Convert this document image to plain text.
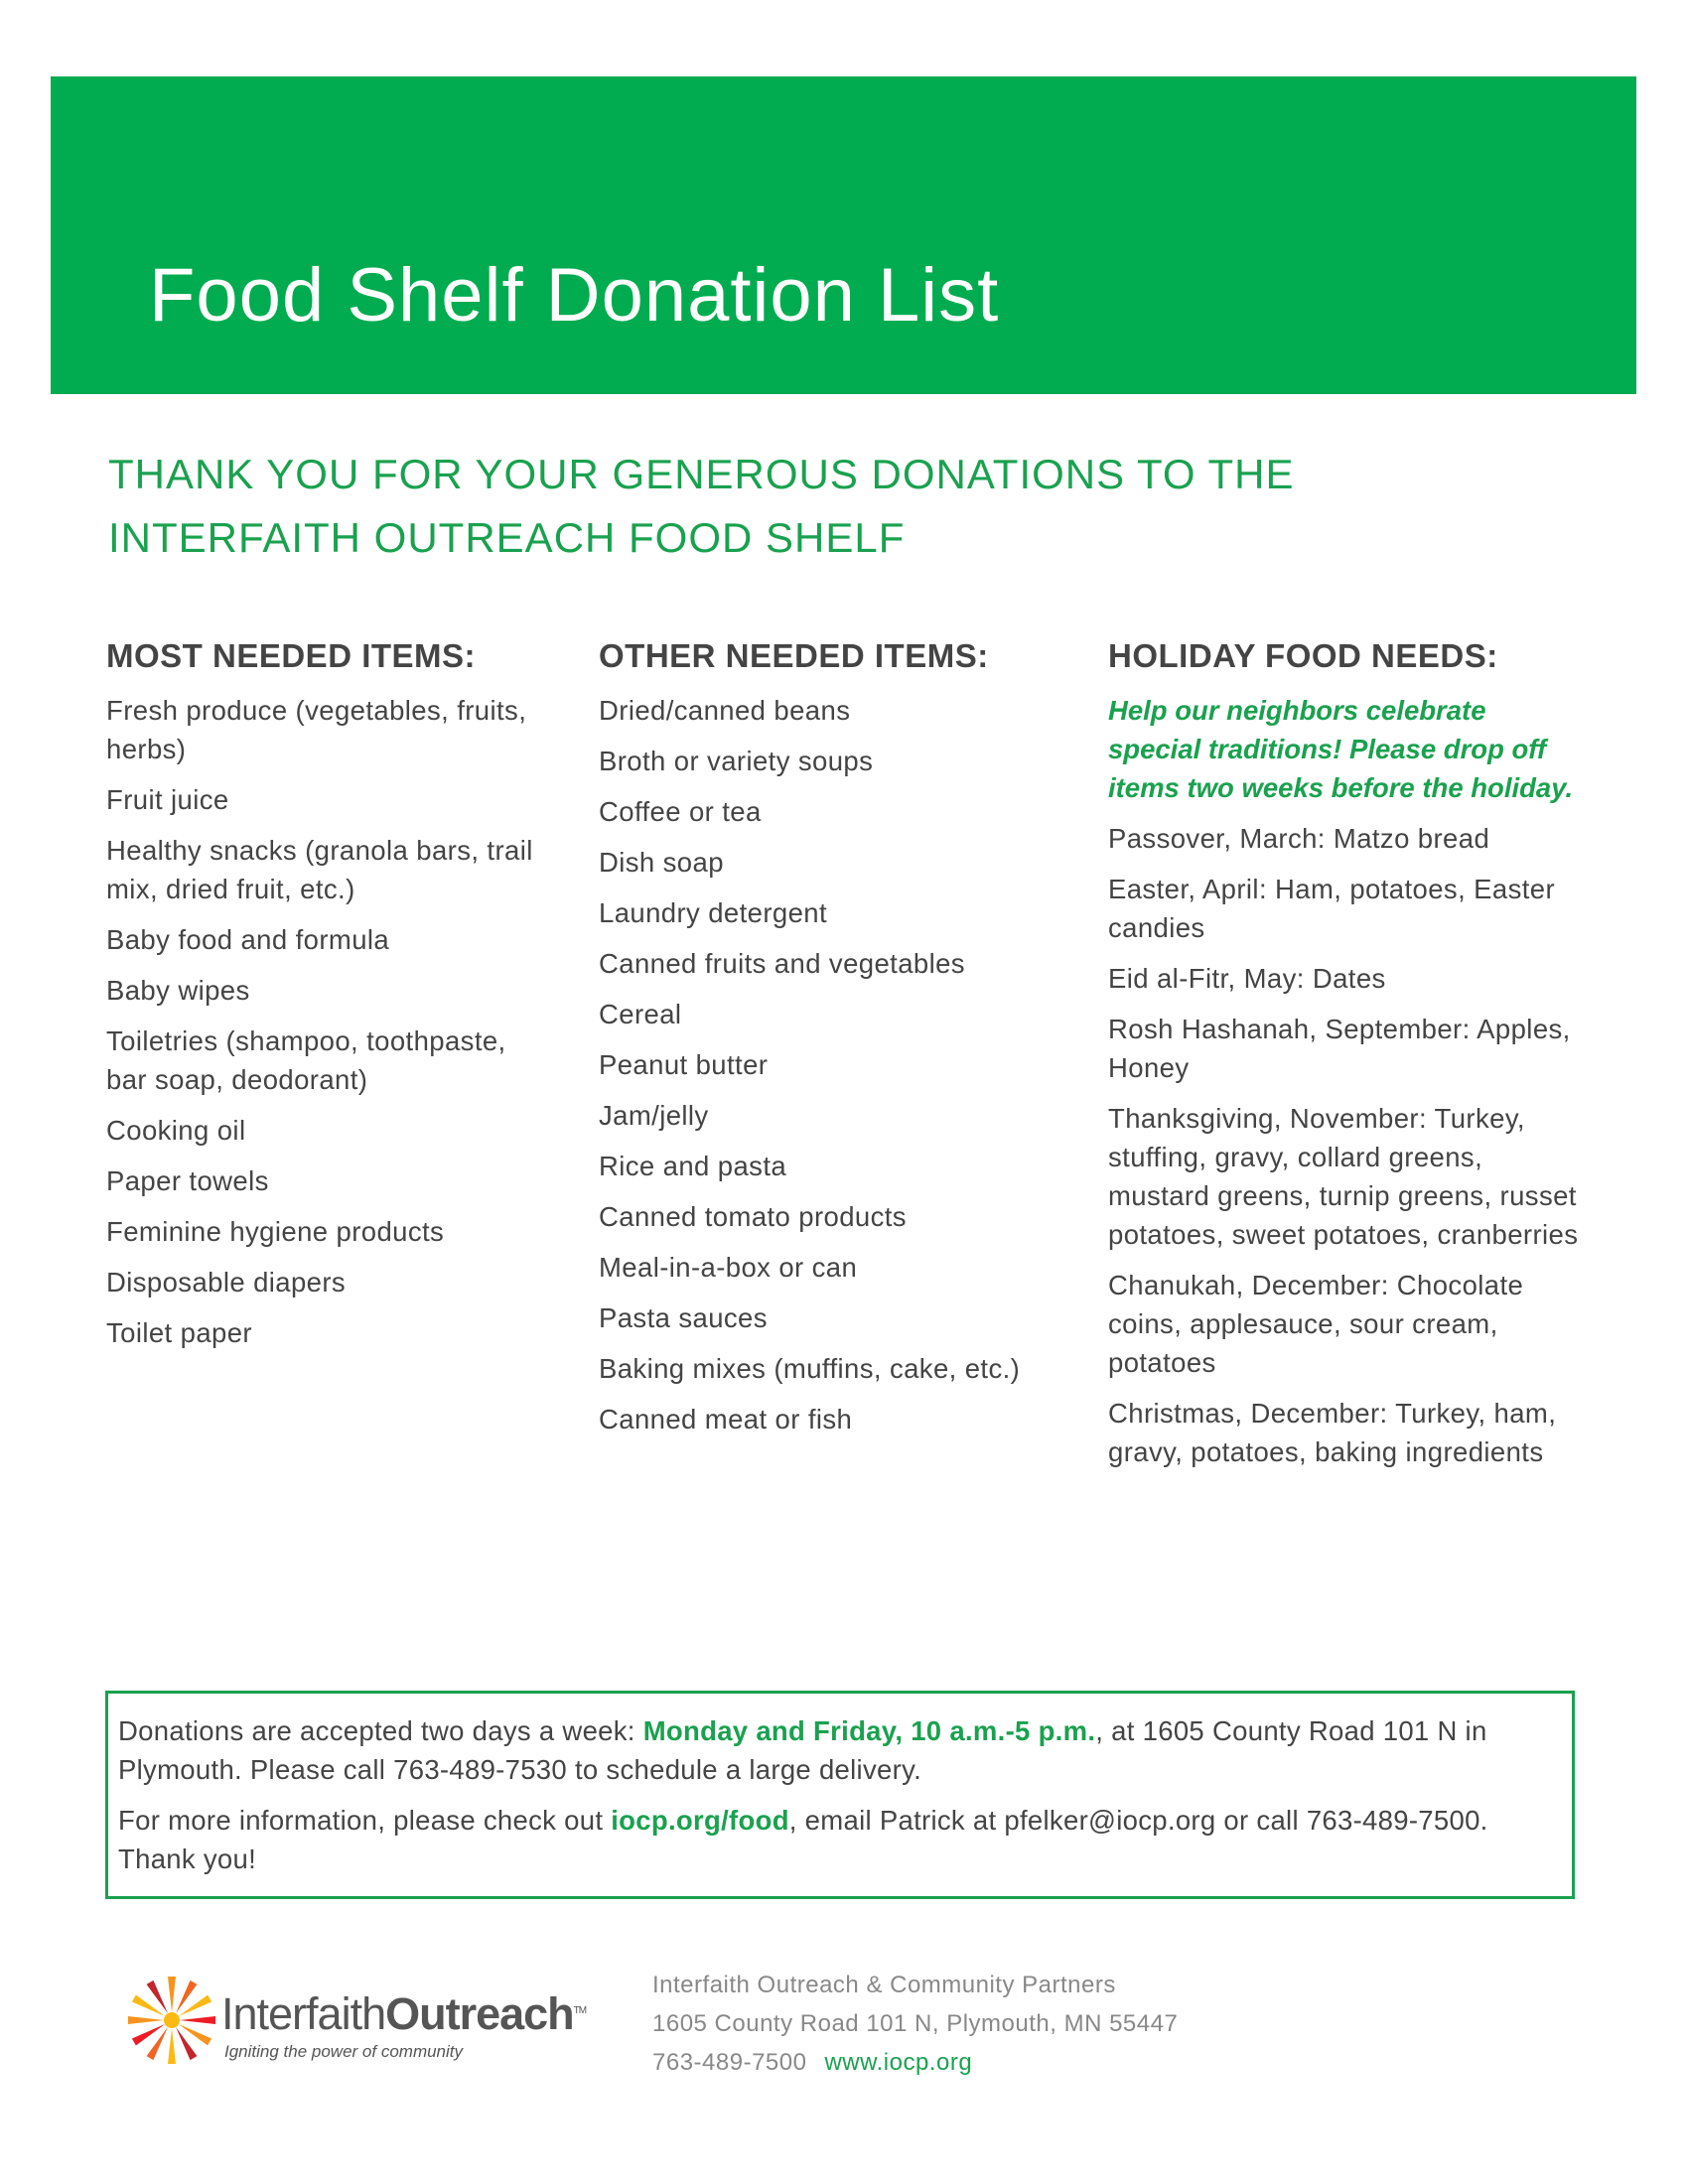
Food Shelf Donation List
THANK YOU FOR YOUR GENEROUS DONATIONS TO THE
INTERFAITH OUTREACH FOOD SHELF
MOST NEEDED ITEMS:
Fresh produce (vegetables, fruits, herbs)
Fruit juice
Healthy snacks (granola bars, trail mix, dried fruit, etc.)
Baby food and formula
Baby wipes
Toiletries (shampoo, toothpaste, bar soap, deodorant)
Cooking oil
Paper towels
Feminine hygiene products
Disposable diapers
Toilet paper
OTHER NEEDED ITEMS:
Dried/canned beans
Broth or variety soups
Coffee or tea
Dish soap
Laundry detergent
Canned fruits and vegetables
Cereal
Peanut butter
Jam/jelly
Rice and pasta
Canned tomato products
Meal-in-a-box or can
Pasta sauces
Baking mixes (muffins, cake, etc.)
Canned meat or fish
HOLIDAY FOOD NEEDS:

Help our neighbors celebrate special traditions! Please drop off items two weeks before the holiday.

Passover, March: Matzo bread
Easter, April: Ham, potatoes, Easter candies
Eid al-Fitr, May: Dates
Rosh Hashanah, September: Apples, Honey
Thanksgiving, November: Turkey, stuffing, gravy, collard greens, mustard greens, turnip greens, russet potatoes, sweet potatoes, cranberries
Chanukah, December: Chocolate coins, applesauce, sour cream, potatoes
Christmas, December: Turkey, ham, gravy, potatoes, baking ingredients

Donations are accepted two days a week: Monday and Friday, 10 a.m.-5 p.m., at 1605 County Road 101 N in Plymouth. Please call 763-489-7530 to schedule a large delivery.

For more information, please check out iocp.org/food, email Patrick at pfelker@iocp.org or call 763-489-7500. Thank you!

InterfaithOutreach™
Igniting the power of community
Interfaith Outreach & Community Partners
1605 County Road 101 N, Plymouth, MN 55447
763-489-7500 www.iocp.org
